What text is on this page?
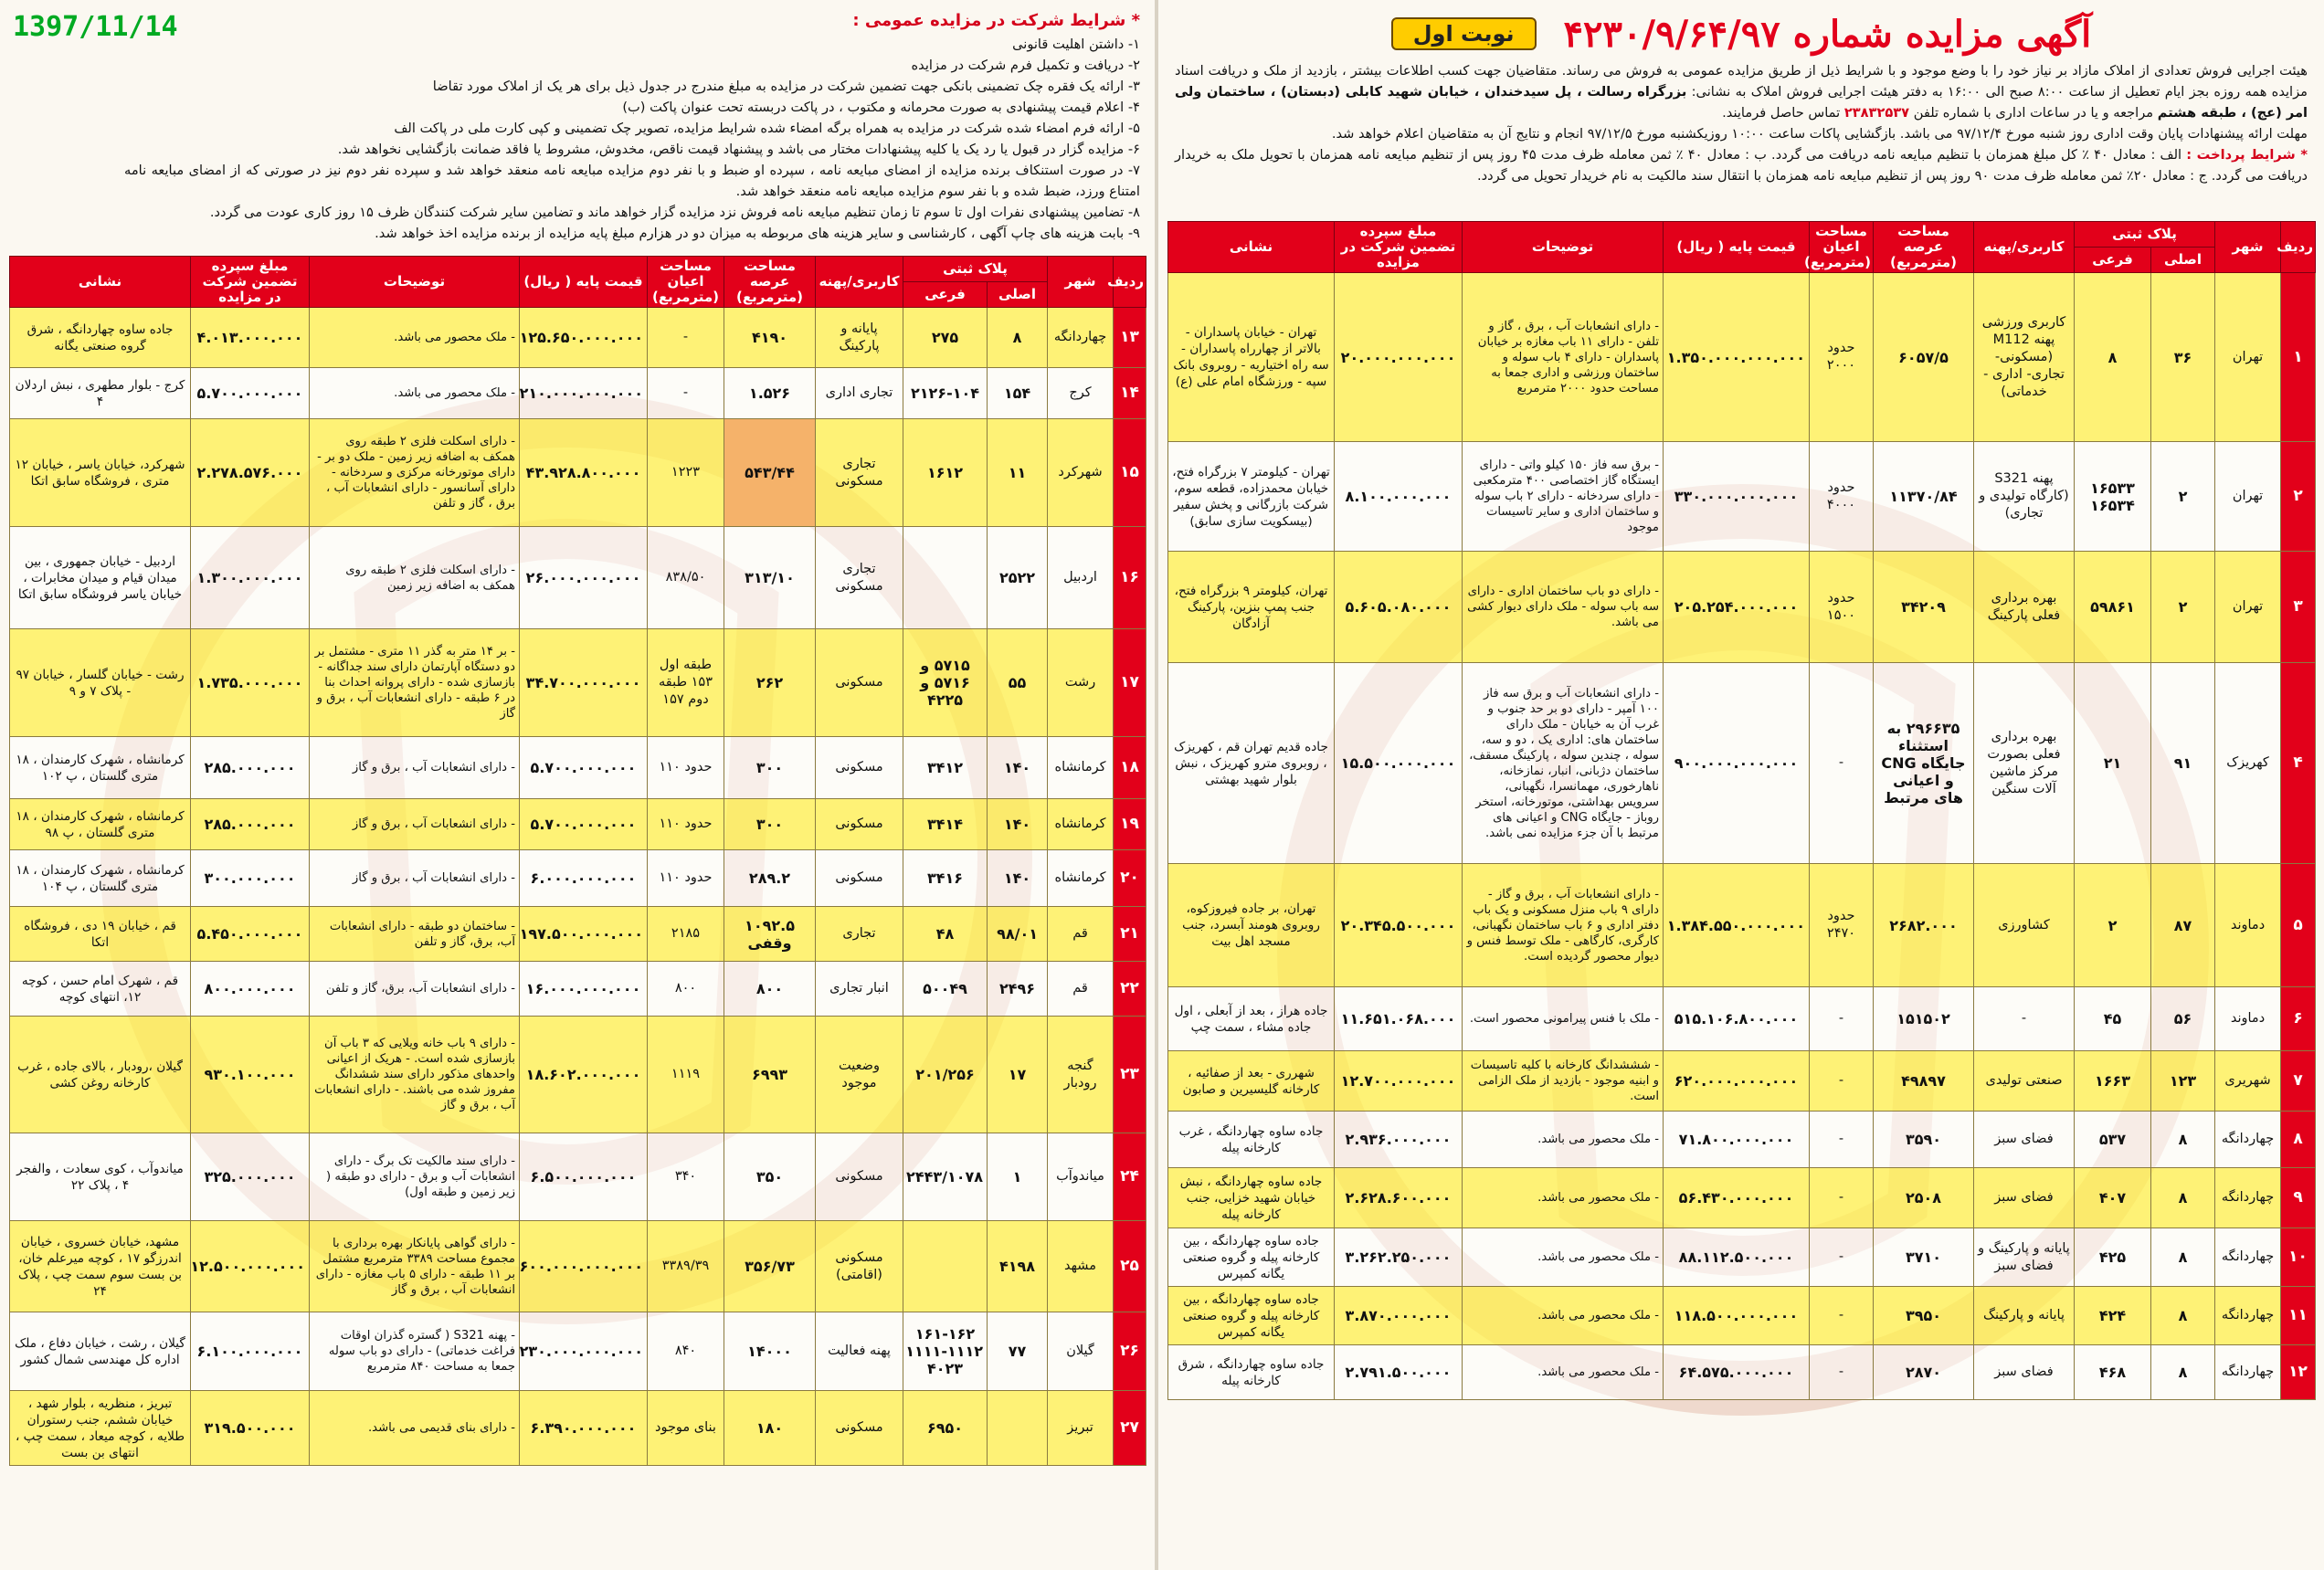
1397/11/14	آگهی مزایده شماره ۴۲۳۰/۹/۶۴/۹۷
نوبت اول

هیئت اجرایی فروش تعدادی از املاک مازاد بر نیاز خود را با وضع موجود و با شرایط ذیل از طریق مزایده عمومی به فروش می رساند. متقاضیان جهت کسب اطلاعات بیشتر ، بازدید از ملک و دریافت اسناد مزایده همه روزه بجز ایام تعطیل از ساعت ۸:۰۰ صبح الی ۱۶:۰۰ به دفتر هیئت اجرایی فروش املاک به نشانی: بزرگراه رسالت ، پل سیدخندان ، خیابان شهید کابلی (دبستان) ، ساختمان ولی امر (عج) ، طبقه هشتم مراجعه و یا در ساعات اداری با شماره تلفن ۲۳۸۳۲۵۳۷ تماس حاصل فرمایند.

مهلت ارائه پیشنهادات پایان وقت اداری روز شنبه مورخ ۹۷/۱۲/۴ می باشد. بازگشایی پاکات ساعت ۱۰:۰۰ روزیکشنبه مورخ ۹۷/۱۲/۵ انجام و نتایج آن به متقاضیان اعلام خواهد شد.

* شرایط پرداخت : الف : معادل ۴۰ ٪ کل مبلغ همزمان با تنظیم مبایعه نامه دریافت می گردد. ب : معادل ۴۰ ٪ ثمن معامله ظرف مدت ۴۵ روز پس از تنظیم مبایعه نامه همزمان با تحویل ملک به خریدار دریافت می گردد. ج : معادل ۲۰٪ ثمن معامله ظرف مدت ۹۰ روز پس از تنظیم مبایعه نامه همزمان با انتقال سند مالکیت به نام خریدار تحویل می گردد.

ردیف	شهر	پلاک ثبتی		کاربری/پهنه	مساحت عرصه (مترمربع)	مساحت اعیان (مترمربع)	قیمت پایه ( ریال)	توضیحات	مبلغ سپرده تضمین شرکت در مزایده	نشانی
		اصلی	فرعی							
۱	تهران	۳۶	۸	کاربری ورزشی پهنه M112 (مسکونی- تجاری- اداری - خدماتی)	۶۰۵۷/۵	حدود ۲۰۰۰	۱.۳۵۰.۰۰۰.۰۰۰.۰۰۰	- دارای انشعابات آب ، برق ، گاز و تلفن - دارای ۱۱ باب مغازه بر خیابان پاسداران - دارای ۴ باب سوله و ساختمان ورزشی و اداری جمعا به مساحت حدود ۲۰۰۰ مترمربع	۲۰.۰۰۰.۰۰۰.۰۰۰	تهران - خیابان پاسداران - بالاتر از چهارراه پاسداران - سه راه اختیاریه - روبروی بانک سپه - ورزشگاه امام علی (ع)
۲	تهران	۲	۱۶۵۳۳ ۱۶۵۳۴	پهنه S321 (کارگاه تولیدی و تجاری)	۱۱۳۷۰/۸۴	حدود ۴۰۰۰	۳۳۰.۰۰۰.۰۰۰.۰۰۰	- برق سه فاز ۱۵۰ کیلو واتی - دارای ایستگاه گاز اختصاصی ۴۰۰ مترمکعبی - دارای سردخانه - دارای ۲ باب سوله و ساختمان اداری و سایر تاسیسات موجود	۸.۱۰۰.۰۰۰.۰۰۰	تهران - کیلومتر ۷ بزرگراه فتح، خیابان محمدزاده، قطعه سوم، شرکت بازرگانی و پخش سفیر (بیسکویت سازی سابق)
۳	تهران	۲	۵۹۸۶۱	بهره برداری فعلی پارکینگ	۳۴۲۰۹	حدود ۱۵۰۰	۲۰۵.۲۵۴.۰۰۰.۰۰۰	- دارای دو باب ساختمان اداری - دارای سه باب سوله - ملک دارای دیوار کشی می باشد.	۵.۶۰۵.۰۸۰.۰۰۰	تهران، کیلومتر ۹ بزرگراه فتح، جنب پمپ بنزین، پارکینگ آزادگان
۴	کهریزک	۹۱	۲۱	بهره برداری فعلی بصورت مرکز ماشین آلات سنگین	۲۹۶۶۳۵ به استثناء جایگاه CNG و اعیانی های مرتبط	-	۹۰۰.۰۰۰.۰۰۰.۰۰۰	- دارای انشعابات آب و برق سه فاز ۱۰۰ آمپر - دارای دو بر حد جنوب و غرب آن به خیابان - ملک دارای ساختمان های: اداری یک ، دو و سه، سوله ، چندین سوله ، پارکینگ مسقف، ساختمان دژبانی، انبار، نمازخانه، ناهارخوری، مهمانسرا، نگهبانی، سرویس بهداشتی، موتورخانه، استخر روباز - جایگاه CNG و اعیانی های مرتبط با آن جزء مزایده نمی باشد.	۱۵.۵۰۰.۰۰۰.۰۰۰	جاده قدیم تهران قم ، کهریزک ، روبروی مترو کهریزک ، نبش بلوار شهید بهشتی
۵	دماوند	۸۷	۲	کشاورزی	۲۶۸۲.۰۰۰	حدود ۲۴۷۰	۱.۳۸۴.۵۵۰.۰۰۰.۰۰۰	- دارای انشعابات آب ، برق و گاز - دارای ۹ باب منزل مسکونی و یک باب دفتر اداری و ۶ باب ساختمان نگهبانی، کارگری، کارگاهی - ملک توسط فنس و دیوار محصور گردیده است.	۲۰.۳۴۵.۵۰۰.۰۰۰	تهران، بر جاده فیروزکوه، روبروی هومند آبسرد، جنب مسجد اهل بیت
۶	دماوند	۵۶	۴۵	-	۱۵۱۵۰۲	-	۵۱۵.۱۰۶.۸۰۰.۰۰۰	- ملک با فنس پیرامونی محصور است.	۱۱.۶۵۱.۰۶۸.۰۰۰	جاده هراز ، بعد از آبعلی ، اول جاده مشاء ، سمت چپ
۷	شهریری	۱۲۳	۱۶۶۳	صنعتی تولیدی	۴۹۸۹۷	-	۶۲۰.۰۰۰.۰۰۰.۰۰۰	- شششدانگ کارخانه با کلیه تاسیسات و ابنیه موجود - بازدید از ملک الزامی است.	۱۲.۷۰۰.۰۰۰.۰۰۰	شهرری - بعد از صفائیه ، کارخانه گلیسیرین و صابون
۸	چهاردانگه	۸	۵۳۷	فضای سبز	۳۵۹۰	-	۷۱.۸۰۰.۰۰۰.۰۰۰	- ملک محصور می باشد.	۲.۹۳۶.۰۰۰.۰۰۰	جاده ساوه چهاردانگه ، غرب کارخانه پیله
۹	چهاردانگه	۸	۴۰۷	فضای سبز	۲۵۰۸	-	۵۶.۴۳۰.۰۰۰.۰۰۰	- ملک محصور می باشد.	۲.۶۲۸.۶۰۰.۰۰۰	جاده ساوه چهاردانگه ، نبش خیابان شهید خزایی، جنب کارخانه پیله
۱۰	چهاردانگه	۸	۴۲۵	پایانه و پارکینگ و فضای سبز	۳۷۱۰	-	۸۸.۱۱۲.۵۰۰.۰۰۰	- ملک محصور می باشد.	۳.۲۶۲.۲۵۰.۰۰۰	جاده ساوه چهاردانگه ، بین کارخانه پیله و گروه صنعتی یگانه کمپرس
۱۱	چهاردانگه	۸	۴۲۴	پایانه و پارکینگ	۳۹۵۰	-	۱۱۸.۵۰۰.۰۰۰.۰۰۰	- ملک محصور می باشد.	۳.۸۷۰.۰۰۰.۰۰۰	جاده ساوه چهاردانگه ، بین کارخانه پیله و گروه صنعتی یگانه کمپرس
۱۲	چهاردانگه	۸	۴۶۸	فضای سبز	۲۸۷۰	-	۶۴.۵۷۵.۰۰۰.۰۰۰	- ملک محصور می باشد.	۲.۷۹۱.۵۰۰.۰۰۰	جاده ساوه چهاردانگه ، شرق کارخانه پیله
* شرایط شرکت در مزایده عمومی :
۱- داشتن اهلیت قانونی
۲- دریافت و تکمیل فرم شرکت در مزایده
۳- ارائه یک فقره چک تضمینی بانکی جهت تضمین شرکت در مزایده به مبلغ مندرج در جدول ذیل برای هر یک از املاک مورد تقاضا
۴- اعلام قیمت پیشنهادی به صورت محرمانه و مکتوب ، در پاکت دربسته تحت عنوان پاکت (ب)
۵- ارائه فرم امضاء شده شرکت در مزایده به همراه برگه امضاء شده شرایط مزایده، تصویر چک تضمینی و کپی کارت ملی در پاکت الف
۶- مزایده گزار در قبول یا رد یک یا کلیه پیشنهادات مختار می باشد و پیشنهاد قیمت ناقص، مخدوش، مشروط یا فاقد ضمانت بازگشایی نخواهد شد.
۷- در صورت استنکاف برنده مزایده از امضای مبایعه نامه ، سپرده او ضبط و با نفر دوم مزایده مبایعه نامه منعقد خواهد شد و سپرده نفر دوم نیز در صورتی که از امضای مبایعه نامه امتناع ورزد، ضبط شده و با نفر سوم مزایده مبایعه نامه منعقد خواهد شد.
۸- تضامین پیشنهادی نفرات اول تا سوم تا زمان تنظیم مبایعه نامه فروش نزد مزایده گزار خواهد ماند و تضامین سایر شرکت کنندگان ظرف ۱۵ روز کاری عودت می گردد.
۹- بابت هزینه های چاپ آگهی ، کارشناسی و سایر هزینه های مربوطه به میزان دو در هزارم مبلغ پایه مزایده از برنده مزایده اخذ خواهد شد.
ردیف	شهر	پلاک ثبتی		کاربری/پهنه	مساحت عرصه (مترمربع)	مساحت اعیان (مترمربع)	قیمت پایه ( ریال)	توضیحات	مبلغ سپرده تضمین شرکت در مزایده	نشانی
		اصلی	فرعی							
۱۳	چهاردانگه	۸	۲۷۵	پایانه و پارکینگ	۴۱۹۰	-	۱۲۵.۶۵۰.۰۰۰.۰۰۰	- ملک محصور می باشد.	۴.۰۱۳.۰۰۰.۰۰۰	جاده ساوه چهاردانگه ، شرق گروه صنعتی یگانه
۱۴	کرج	۱۵۴	۲۱۲۶-۱۰۴	تجاری اداری	۱.۵۲۶	-	۲۱۰.۰۰۰.۰۰۰.۰۰۰	- ملک محصور می باشد.	۵.۷۰۰.۰۰۰.۰۰۰	کرج - بلوار مطهری ، نبش اردلان ۴
۱۵	شهرکرد	۱۱	۱۶۱۲	تجاری مسکونی	۵۴۳/۴۴	۱۲۲۳	۴۳.۹۲۸.۸۰۰.۰۰۰	- دارای اسکلت فلزی ۲ طبقه روی همکف به اضافه زیر زمین - ملک دو بر - دارای موتورخانه مرکزی و سردخانه - دارای آسانسور - دارای انشعابات آب ، برق ، گاز و تلفن	۲.۲۷۸.۵۷۶.۰۰۰	شهرکرد، خیابان یاسر ، خیابان ۱۲ متری ، فروشگاه سابق اتکا
۱۶	اردبیل	۲۵۲۲		تجاری مسکونی	۳۱۳/۱۰	۸۳۸/۵۰	۲۶.۰۰۰.۰۰۰.۰۰۰	- دارای اسکلت فلزی ۲ طبقه روی همکف به اضافه زیر زمین	۱.۳۰۰.۰۰۰.۰۰۰	اردبیل - خیابان جمهوری ، بین میدان قیام و میدان مخابرات ، خیابان یاسر فروشگاه سابق اتکا
۱۷	رشت	۵۵	۵۷۱۵ و ۵۷۱۶ و ۴۲۲۵	مسکونی	۲۶۲	طبقه اول ۱۵۳ طبقه دوم ۱۵۷	۳۴.۷۰۰.۰۰۰.۰۰۰	- بر ۱۴ متر به گذر ۱۱ متری - مشتمل بر دو دستگاه آپارتمان دارای سند جداگانه - بازسازی شده - دارای پروانه احداث بنا در ۶ طبقه - دارای انشعابات آب ، برق و گاز	۱.۷۳۵.۰۰۰.۰۰۰	رشت - خیابان گلسار ، خیابان ۹۷ - پلاک ۷ و ۹
۱۸	کرمانشاه	۱۴۰	۳۴۱۲	مسکونی	۳۰۰	حدود ۱۱۰	۵.۷۰۰.۰۰۰.۰۰۰	- دارای انشعابات آب ، برق و گاز	۲۸۵.۰۰۰.۰۰۰	کرمانشاه ، شهرک کارمندان ، ۱۸ متری گلستان ، پ ۱۰۲
۱۹	کرمانشاه	۱۴۰	۳۴۱۴	مسکونی	۳۰۰	حدود ۱۱۰	۵.۷۰۰.۰۰۰.۰۰۰	- دارای انشعابات آب ، برق و گاز	۲۸۵.۰۰۰.۰۰۰	کرمانشاه ، شهرک کارمندان ، ۱۸ متری گلستان ، پ ۹۸
۲۰	کرمانشاه	۱۴۰	۳۴۱۶	مسکونی	۲۸۹.۲	حدود ۱۱۰	۶.۰۰۰.۰۰۰.۰۰۰	- دارای انشعابات آب ، برق و گاز	۳۰۰.۰۰۰.۰۰۰	کرمانشاه ، شهرک کارمندان ، ۱۸ متری گلستان ، پ ۱۰۴
۲۱	قم	۹۸/۰۱	۴۸	تجاری	۱۰۹۲.۵ وقفی	۲۱۸۵	۱۹۷.۵۰۰.۰۰۰.۰۰۰	- ساختمان دو طبقه - دارای انشعابات آب، برق، گاز و تلفن	۵.۴۵۰.۰۰۰.۰۰۰	قم ، خیابان ۱۹ دی ، فروشگاه اتکا
۲۲	قم	۲۴۹۶	۵۰۰۴۹	انبار تجاری	۸۰۰	۸۰۰	۱۶.۰۰۰.۰۰۰.۰۰۰	- دارای انشعابات آب، برق، گاز و تلفن	۸۰۰.۰۰۰.۰۰۰	قم ، شهرک امام حسن ، کوچه ۱۲، انتهای کوچه
۲۳	گنجه رودبار	۱۷	۲۰۱/۲۵۶	وضعیت موجود	۶۹۹۳	۱۱۱۹	۱۸.۶۰۲.۰۰۰.۰۰۰	- دارای ۹ باب خانه ویلایی که ۳ باب آن بازسازی شده است. - هریک از اعیانی واحدهای مذکور دارای سند ششدانگ مفروز شده می باشند. - دارای انشعابات آب ، برق و گاز	۹۳۰.۱۰۰.۰۰۰	گیلان ،رودبار ، بالای جاده ، غرب کارخانه روغن کشی
۲۴	میاندوآب	۱	۲۴۴۳/۱۰۷۸	مسکونی	۳۵۰	۳۴۰	۶.۵۰۰.۰۰۰.۰۰۰	- دارای سند مالکیت تک برگ - دارای انشعابات آب و برق - دارای دو طبقه ( زیر زمین و طبقه اول)	۳۲۵.۰۰۰.۰۰۰	میاندوآب ، کوی سعادت ، والفجر ۴ ، پلاک ۲۲
۲۵	مشهد	۴۱۹۸		مسکونی (اقامتی)	۳۵۶/۷۳	۳۳۸۹/۳۹	۶۰۰.۰۰۰.۰۰۰.۰۰۰	- دارای گواهی پایانکار بهره برداری با مجموع مساحت ۳۳۸۹ مترمربع مشتمل بر ۱۱ طبقه - دارای ۵ باب مغازه - دارای انشعابات آب ، برق و گاز	۱۲.۵۰۰.۰۰۰.۰۰۰	مشهد، خیابان خسروی ، خیابان اندرزگو ۱۷ ، کوچه میرعلم خان، بن بست سوم سمت چپ ، پلاک ۲۴
۲۶	گیلان	۷۷	۱۶۱-۱۶۲ ۱۱۱۱-۱۱۱۲ ۴۰۲۳	پهنه فعالیت	۱۴۰۰۰	۸۴۰	۲۳۰.۰۰۰.۰۰۰.۰۰۰	- پهنه S321 ( گستره گذران اوقات فراغت خدماتی) - دارای دو باب سوله جمعا به مساحت ۸۴۰ مترمربع	۶.۱۰۰.۰۰۰.۰۰۰	گیلان ، رشت ، خیابان دفاع ، ملک اداره کل مهندسی شمال کشور
۲۷	تبریز		۶۹۵۰	مسکونی	۱۸۰	بنای موجود	۶.۳۹۰.۰۰۰.۰۰۰	- دارای بنای قدیمی می باشد.	۳۱۹.۵۰۰.۰۰۰	تبریز ، منظریه ، بلوار شهد ، خیابان ششم، جنب رستوران طلایه ، کوچه میعاد ، سمت چپ ، انتهای بن بست
